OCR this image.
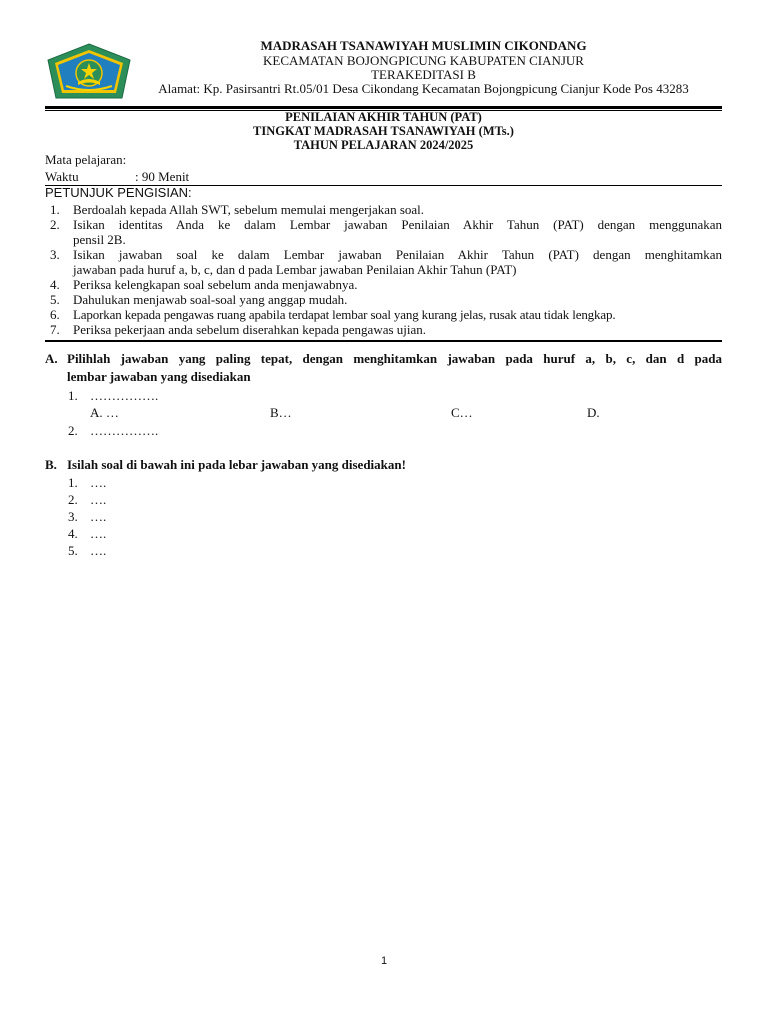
MADRASAH TSANAWIYAH MUSLIMIN CIKONDANG
KECAMATAN BOJONGPICUNG KABUPATEN CIANJUR
TERAKEDITASI B
Alamat: Kp. Pasirsantri Rt.05/01 Desa Cikondang Kecamatan Bojongpicung Cianjur Kode Pos 43283
PENILAIAN AKHIR TAHUN (PAT)
TINGKAT MADRASAH TSANAWIYAH (MTs.)
TAHUN PELAJARAN 2024/2025
Mata pelajaran:
Waktu	: 90 Menit
PETUNJUK PENGISIAN:
1. Berdoalah kepada Allah SWT, sebelum memulai mengerjakan soal.
2. Isikan identitas Anda ke dalam Lembar jawaban Penilaian Akhir Tahun (PAT) dengan menggunakan
pensil 2B.
3. Isikan jawaban soal ke dalam Lembar jawaban Penilaian Akhir Tahun (PAT) dengan menghitamkan
jawaban pada huruf a, b, c, dan d pada Lembar jawaban Penilaian Akhir Tahun (PAT)
4. Periksa kelengkapan soal sebelum anda menjawabnya.
5. Dahulukan menjawab soal-soal yang anggap mudah.
6. Laporkan kepada pengawas ruang apabila terdapat lembar soal yang kurang jelas, rusak atau tidak lengkap.
7. Periksa pekerjaan anda sebelum diserahkan kepada pengawas ujian.
A. Pilihlah jawaban yang paling tepat, dengan menghitamkan jawaban pada huruf a, b, c, dan d pada
lembar jawaban yang disediakan
1. …………….
A. …	B…	C…	D.
2. …………….
B. Isilah soal di bawah ini pada lebar jawaban yang disediakan!
1. ….
2. ….
3. ….
4. ….
5. ….
1
